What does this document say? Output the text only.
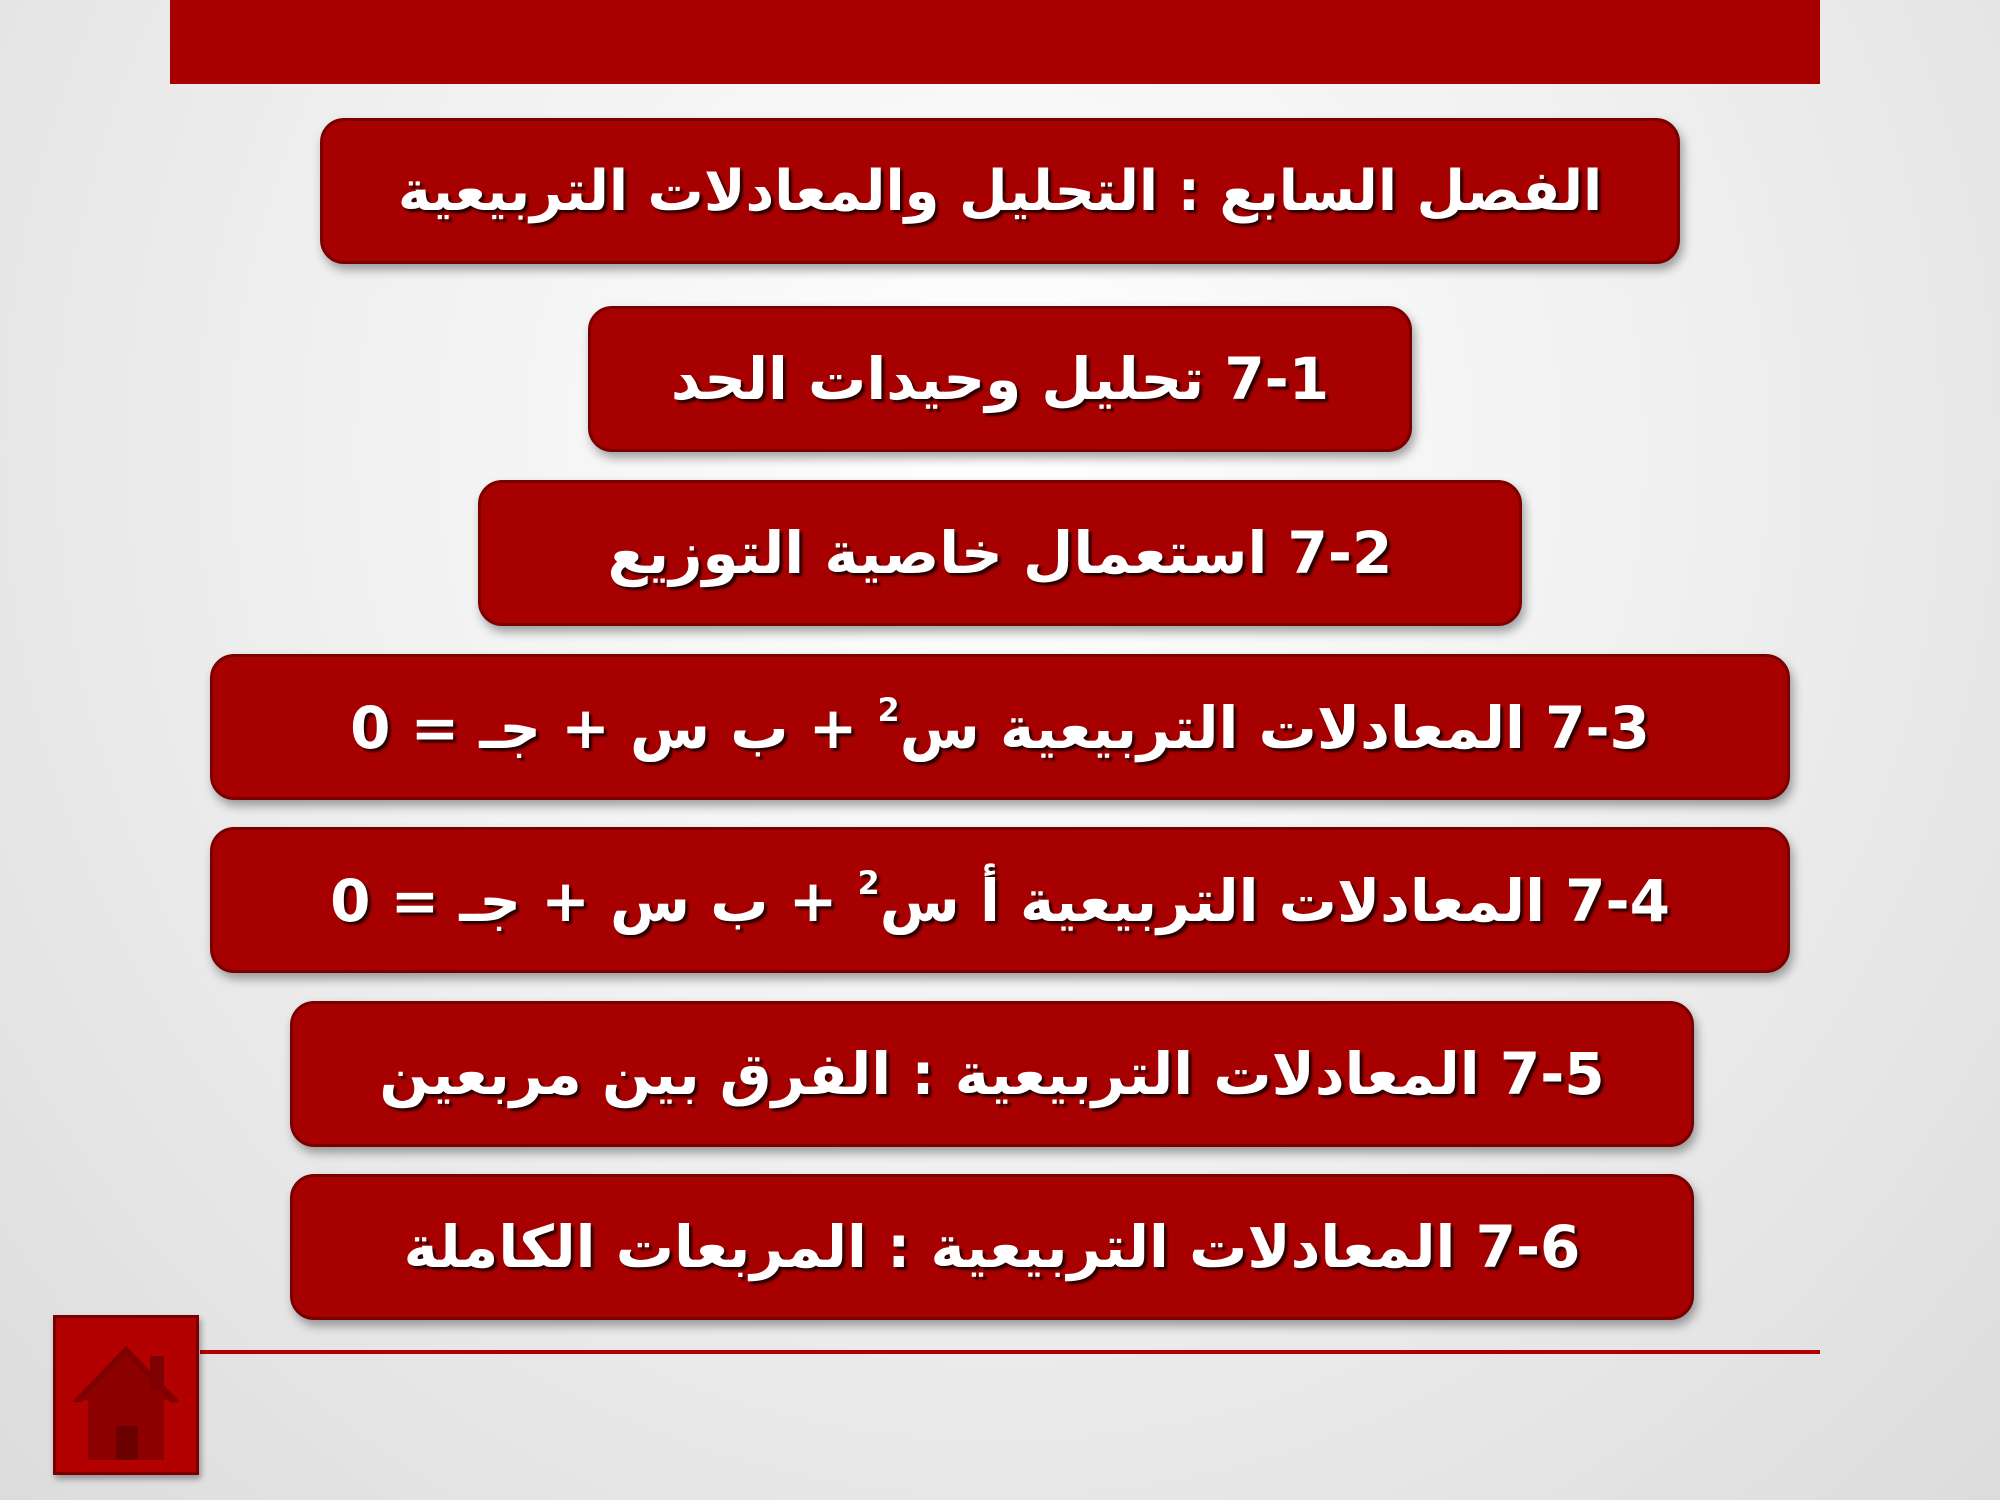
الفصل السابع : التحليل والمعادلات التربيعية
7-1 تحليل وحيدات الحد
7-2 استعمال خاصية التوزيع
7-3 المعادلات التربيعية س$^2$ + ب س + جـ = 0
7-4 المعادلات التربيعية أ س$^2$ + ب س + جـ = 0
7-5 المعادلات التربيعية : الفرق بين مربعين
7-6 المعادلات التربيعية : المربعات الكاملة
